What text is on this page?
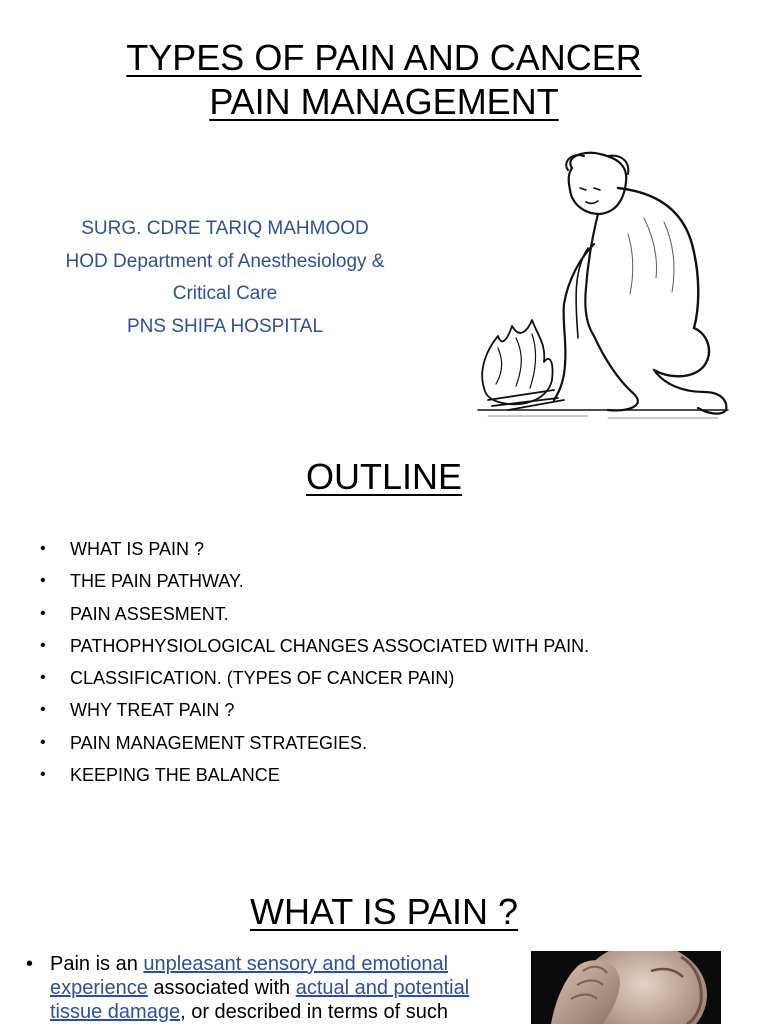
TYPES OF PAIN AND CANCER
PAIN MANAGEMENT
SURG. CDRE TARIQ MAHMOOD
HOD Department of Anesthesiology &
Critical Care
PNS SHIFA HOSPITAL
OUTLINE
• WHAT IS PAIN ?
• THE PAIN PATHWAY.
• PAIN ASSESMENT.
• PATHOPHYSIOLOGICAL CHANGES ASSOCIATED WITH PAIN.
• CLASSIFICATION. (TYPES OF CANCER PAIN)
• WHY TREAT PAIN ?
• PAIN MANAGEMENT STRATEGIES.
• KEEPING THE BALANCE
WHAT IS PAIN ?
• Pain is an unpleasant sensory and emotional experience associated with actual and potential tissue damage, or described in terms of such
